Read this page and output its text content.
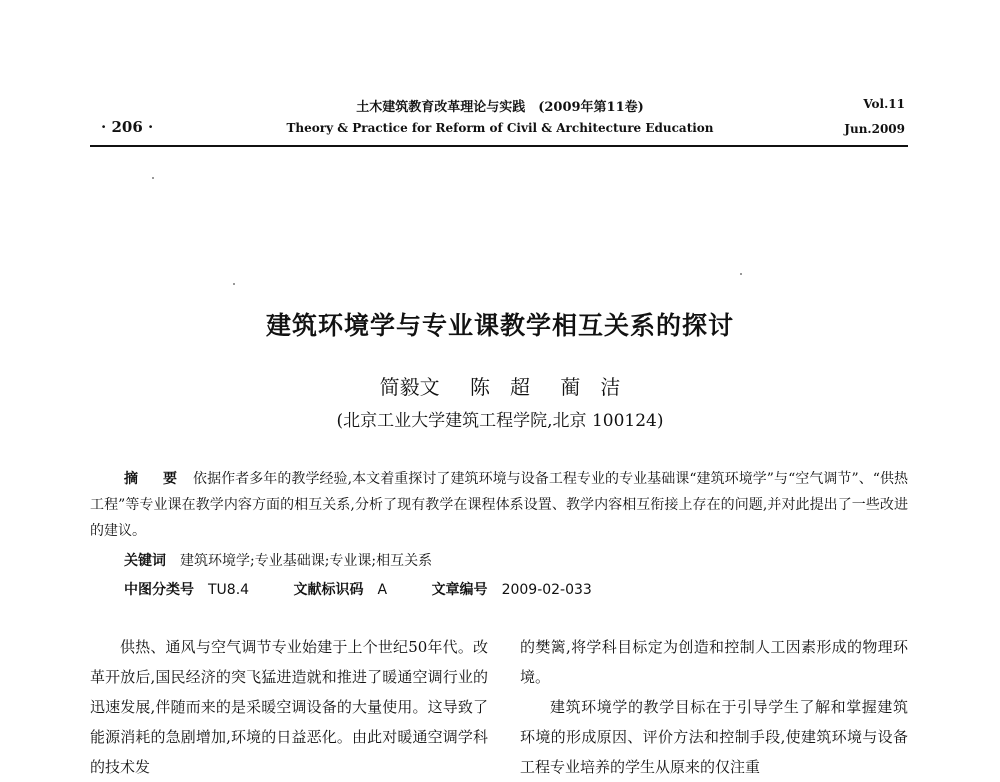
土木建筑教育改革理论与实践　(2009年第11卷)
Theory & Practice for Reform of Civil & Architecture Education
· 206 ·
Vol.11
Jun.2009
建筑环境学与专业课教学相互关系的探讨
简毅文 陈　超 蔺　洁
(北京工业大学建筑工程学院,北京 100124)
摘 要 依据作者多年的教学经验,本文着重探讨了建筑环境与设备工程专业的专业基础课“建筑环境学”与“空气调节”、“供热工程”等专业课在教学内容方面的相互关系,分析了现有教学在课程体系设置、教学内容相互衔接上存在的问题,并对此提出了一些改进的建议。
关键词 建筑环境学;专业基础课;专业课;相互关系
中图分类号 TU8.4	文献标识码 A	文章编号 2009-02-033
供热、通风与空气调节专业始建于上个世纪50年代。改革开放后,国民经济的突飞猛进造就和推进了暖通空调行业的迅速发展,伴随而来的是采暖空调设备的大量使用。这导致了能源消耗的急剧增加,环境的日益恶化。由此对暖通空调学科的技术发
的樊篱,将学科目标定为创造和控制人工因素形成的物理环境。
建筑环境学的教学目标在于引导学生了解和掌握建筑环境的形成原因、评价方法和控制手段,使建筑环境与设备工程专业培养的学生从原来的仅注重
